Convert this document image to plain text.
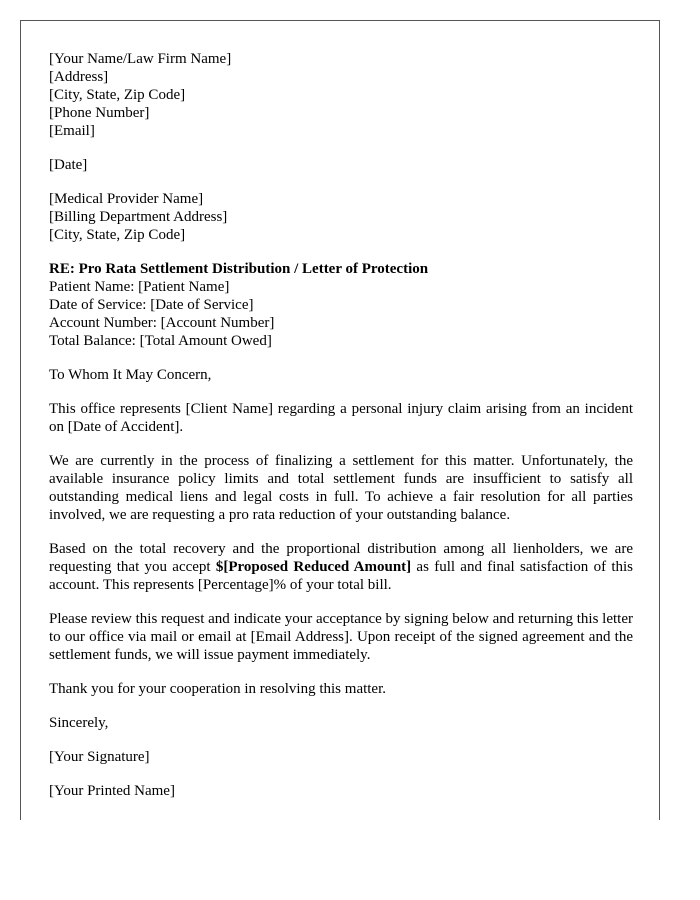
[Your Name/Law Firm Name]
[Address]
[City, State, Zip Code]
[Phone Number]
[Email]

[Date]

[Medical Provider Name]
[Billing Department Address]
[City, State, Zip Code]

RE: Pro Rata Settlement Distribution / Letter of Protection
Patient Name: [Patient Name]
Date of Service: [Date of Service]
Account Number: [Account Number]
Total Balance: [Total Amount Owed]

To Whom It May Concern,

This office represents [Client Name] regarding a personal injury claim arising from an incident on [Date of Accident].

We are currently in the process of finalizing a settlement for this matter. Unfortunately, the available insurance policy limits and total settlement funds are insufficient to satisfy all outstanding medical liens and legal costs in full. To achieve a fair resolution for all parties involved, we are requesting a pro rata reduction of your outstanding balance.

Based on the total recovery and the proportional distribution among all lienholders, we are requesting that you accept $[Proposed Reduced Amount] as full and final satisfaction of this account. This represents [Percentage]% of your total bill.

Please review this request and indicate your acceptance by signing below and returning this letter to our office via mail or email at [Email Address]. Upon receipt of the signed agreement and the settlement funds, we will issue payment immediately.

Thank you for your cooperation in resolving this matter.

Sincerely,

[Your Signature]

[Your Printed Name]
